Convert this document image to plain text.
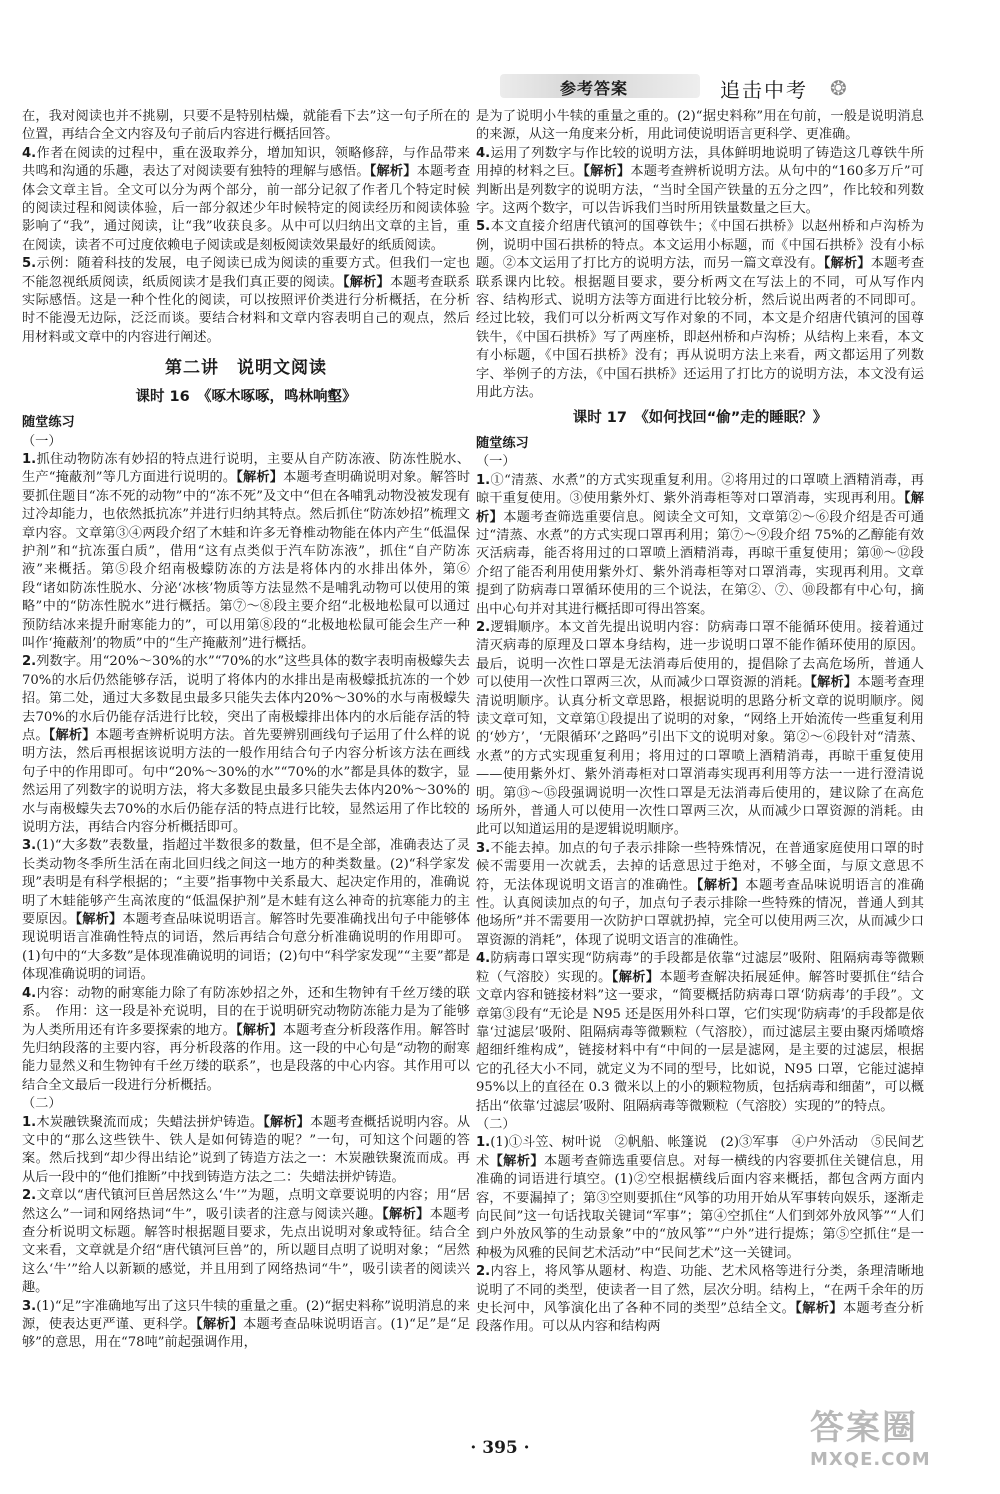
参考答案	追击中考 ❂

在，我对阅读也并不挑剔，只要不是特别枯燥，就能看下去”这一句子所在的位置，再结合全文内容及句子前后内容进行概括回答。

4.作者在阅读的过程中，重在汲取养分，增加知识，领略修辞，与作品带来共鸣和沟通的乐趣，表达了对阅读要有独特的理解与感悟。【解析】本题考查体会文章主旨。全文可以分为两个部分，前一部分记叙了作者几个特定时候的阅读过程和阅读体验，后一部分叙述少年时候特定的阅读经历和阅读体验影响了“我”，通过阅读，让“我”收获良多。从中可以归纳出文章的主旨，重在阅读，读者不可过度依赖电子阅读或是刻板阅读效果最好的纸质阅读。

5.示例：随着科技的发展，电子阅读已成为阅读的重要方式。但我们一定也不能忽视纸质阅读，纸质阅读才是我们真正要的阅读。【解析】本题考查联系实际感悟。这是一种个性化的阅读，可以按照评价类进行分析概括，在分析时不能漫无边际，泛泛而谈。要结合材料和文章内容表明自己的观点，然后用材料或文章中的内容进行阐述。

第二讲　说明文阅读
课时 16　《啄木啄啄，鸣林响壑》
随堂练习
（一）

1.抓住动物防冻有妙招的特点进行说明，主要从自产防冻液、防冻性脱水、生产“掩蔽剂”等几方面进行说明的。【解析】本题考查明确说明对象。解答时要抓住题目“冻不死的动物”中的“冻不死”及文中“但在各哺乳动物没被发现有过冷却能力，也依然抵抗冻”并进行归纳其特点。然后抓住“防冻妙招”梳理文章内容。文章第③④两段介绍了木蛙和许多无脊椎动物能在体内产生“低温保护剂”和“抗冻蛋白质”，借用“这有点类似于汽车防冻液”，抓住“自产防冻液”来概括。第⑤段介绍南极蠓防冻的方法是将体内的水排出体外，第⑥段“诸如防冻性脱水、分泌‘冰核’物质等方法显然不是哺乳动物可以使用的策略”中的“防冻性脱水”进行概括。第⑦～⑧段主要介绍“北极地松鼠可以通过预防结冰来提升耐寒能力的”，可以用第⑧段的“北极地松鼠可能会生产一种叫作‘掩蔽剂’的物质”中的“生产掩蔽剂”进行概括。

2.列数字。用“20%～30%的水”“70%的水”这些具体的数字表明南极蠓失去70%的水后仍然能够存活，说明了将体内的水排出是南极蠓抵抗冻的一个妙招。第二处，通过大多数昆虫最多只能失去体内20%～30%的水与南极蠓失去70%的水后仍能存活进行比较，突出了南极蠓排出体内的水后能存活的特点。【解析】本题考查辨析说明方法。首先要辨别画线句子运用了什么样的说明方法，然后再根据该说明方法的一般作用结合句子内容分析该方法在画线句子中的作用即可。句中“20%～30%的水”“70%的水”都是具体的数字，显然运用了列数字的说明方法，将大多数昆虫最多只能失去体内20%～30%的水与南极蠓失去70%的水后仍能存活的特点进行比较，显然运用了作比较的说明方法，再结合内容分析概括即可。

3.(1)“大多数”表数量，指超过半数很多的数量，但不是全部，准确表达了灵长类动物冬季所生活在南北回归线之间这一地方的种类数量。(2)“科学家发现”表明是有科学根据的；“主要”指事物中关系最大、起决定作用的，准确说明了木蛙能够产生高浓度的“低温保护剂”是木蛙有这么神奇的抗寒能力的主要原因。【解析】本题考查品味说明语言。解答时先要准确找出句子中能够体现说明语言准确性特点的词语，然后再结合句意分析准确说明的作用即可。(1)句中的“大多数”是体现准确说明的词语；(2)句中“科学家发现”“主要”都是体现准确说明的词语。

4.内容：动物的耐寒能力除了有防冻妙招之外，还和生物钟有千丝万缕的联系。　作用：这一段是补充说明，目的在于说明研究动物防冻能力是为了能够为人类所用还有许多要探索的地方。【解析】本题考查分析段落作用。解答时先归纳段落的主要内容，再分析段落的作用。这一段的中心句是“动物的耐寒能力显然义和生物钟有千丝万缕的联系”，也是段落的中心内容。其作用可以结合全文最后一段进行分析概括。

（二）

1.木炭融铁聚流而成；失蜡法拼炉铸造。【解析】本题考查概括说明内容。从文中的“那么这些铁牛、铁人是如何铸造的呢？”一句，可知这个问题的答案。然后找到“却少得出结论”说到了铸造方法之一：木炭融铁聚流而成。再从后一段中的“他们推断”中找到铸造方法之二：失蜡法拼炉铸造。

2.文章以“唐代镇河巨兽居然这么‘牛’”为题，点明文章要说明的内容；用“居然这么”一词和网络热词“牛”，吸引读者的注意与阅读兴趣。【解析】本题考查分析说明文标题。解答时根据题目要求，先点出说明对象或特征。结合全文来看，文章就是介绍“唐代镇河巨兽”的，所以题目点明了说明对象；“居然这么‘牛’”给人以新颖的感觉，并且用到了网络热词“牛”，吸引读者的阅读兴趣。

3.(1)“足”字准确地写出了这只牛犊的重量之重。(2)“据史料称”说明消息的来源，使表达更严谨、更科学。【解析】本题考查品味说明语言。(1)“足”是“足够”的意思，用在“78吨”前起强调作用，

是为了说明小牛犊的重量之重的。(2)“据史料称”用在句前，一般是说明消息的来源，从这一角度来分析，用此词使说明语言更科学、更准确。

4.运用了列数字与作比较的说明方法，具体鲜明地说明了铸造这几尊铁牛所用掉的材料之巨。【解析】本题考查辨析说明方法。从句中的“160多万斤”可判断出是列数字的说明方法，“当时全国产铁量的五分之四”，作比较和列数字。这两个数字，可以告诉我们当时所用铁量数量之巨大。

5.本文直接介绍唐代镇河的国尊铁牛；《中国石拱桥》以赵州桥和卢沟桥为例，说明中国石拱桥的特点。本文运用小标题，而《中国石拱桥》没有小标题。②本文运用了打比方的说明方法，而另一篇文章没有。【解析】本题考查联系课内比较。根据题目要求，要分析两文在写法上的不同，可从写作内容、结构形式、说明方法等方面进行比较分析，然后说出两者的不同即可。经过比较，我们可以分析两文写作对象的不同，本文是介绍唐代镇河的国尊铁牛，《中国石拱桥》写了两座桥，即赵州桥和卢沟桥；从结构上来看，本文有小标题，《中国石拱桥》没有；再从说明方法上来看，两文都运用了列数字、举例子的方法，《中国石拱桥》还运用了打比方的说明方法，本文没有运用此方法。

课时 17　《如何找回“偷”走的睡眠？》
随堂练习
（一）

1.①“清蒸、水煮”的方式实现重复利用。②将用过的口罩喷上酒精消毒，再晾干重复使用。③使用紫外灯、紫外消毒柜等对口罩消毒，实现再利用。【解析】本题考查筛选重要信息。阅读全文可知，文章第②～⑥段介绍是否可通过“清蒸、水煮”的方式实现口罩再利用；第⑦～⑨段介绍 75%的乙醇能有效灭活病毒，能否将用过的口罩喷上酒精消毒，再晾干重复使用；第⑩～⑫段介绍了能否利用使用紫外灯、紫外消毒柜等对口罩消毒，实现再利用。文章提到了防病毒口罩循环使用的三个说法，在第②、⑦、⑩段都有中心句，摘出中心句并对其进行概括即可得出答案。

2.逻辑顺序。本文首先提出说明内容：防病毒口罩不能循环使用。接着通过清灭病毒的原理及口罩本身结构，进一步说明口罩不能作循环使用的原因。最后，说明一次性口罩是无法消毒后使用的，提倡除了去高危场所，普通人可以使用一次性口罩两三次，从而减少口罩资源的消耗。【解析】本题考查理清说明顺序。认真分析文章思路，根据说明的思路分析文章的说明顺序。阅读文章可知，文章第①段提出了说明的对象，“网络上开始流传一些重复利用的‘妙方’，‘无限循环’之路吗”引出下文的说明对象。第②～⑥段针对“清蒸、水煮”的方式实现重复利用；将用过的口罩喷上酒精消毒，再晾干重复使用——使用紫外灯、紫外消毒柜对口罩消毒实现再利用等方法一一进行澄清说明。第⑬～⑮段强调说明一次性口罩是无法消毒后使用的，建议除了在高危场所外，普通人可以使用一次性口罩两三次，从而减少口罩资源的消耗。由此可以知道运用的是逻辑说明顺序。

3.不能去掉。加点的句子表示排除一些特殊情况，在普通家庭使用口罩的时候不需要用一次就丢，去掉的话意思过于绝对，不够全面，与原文意思不符，无法体现说明文语言的准确性。【解析】本题考查品味说明语言的准确性。认真阅读加点的句子，加点句子表示排除一些特殊的情况，普通人到其他场所”并不需要用一次防护口罩就扔掉，完全可以使用两三次，从而减少口罩资源的消耗”，体现了说明文语言的准确性。

4.防病毒口罩实现“防病毒”的手段都是依靠“过滤层”吸附、阻隔病毒等微颗粒（气溶胶）实现的。【解析】本题考查解决拓展延伸。解答时要抓住“结合文章内容和链接材料”这一要求，“简要概括防病毒口罩‘防病毒’的手段”。文章第③段有“无论是 N95 还是医用外科口罩，它们实现‘防病毒’的手段都是依靠‘过滤层’吸附、阻隔病毒等微颗粒（气溶胶），而过滤层主要由聚丙烯喷熔超细纤维构成”，链接材料中有“中间的一层是滤网，是主要的过滤层，根据它的孔径大小不同，就定义为不同的型号，比如说，N95 口罩，它能过滤掉 95%以上的直径在 0.3 微米以上的小的颗粒物质，包括病毒和细菌”，可以概括出“依靠‘过滤层’吸附、阻隔病毒等微颗粒（气溶胶）实现的”的特点。

（二）

1.(1)①斗笠、树叶说　②帆船、帐篷说　(2)③军事　④户外活动　⑤民间艺术【解析】本题考查筛选重要信息。对每一横线的内容要抓住关键信息，用准确的词语进行填空。(1)②空根据横线后面内容来概括，都包含两方面内容，不要漏掉了；第③空则要抓住“风筝的功用开始从军事转向娱乐，逐渐走向民间”这一句话找取关键词“军事”；第④空抓住“人们到郊外放风筝”“人们到户外放风筝的生动景象”中的“放风筝”“户外”进行提炼；第⑤空抓住“是一种极为风雅的民间艺术活动”中“民间艺术”这一关键词。

2.内容上，将风筝从题材、构造、功能、艺术风格等进行分类，条理清晰地说明了不同的类型，使读者一目了然，层次分明。结构上，“在两千余年的历史长河中，风筝演化出了各种不同的类型”总结全文。【解析】本题考查分析段落作用。可以从内容和结构两

· 395 ·	答案圈
MXQE.COM
